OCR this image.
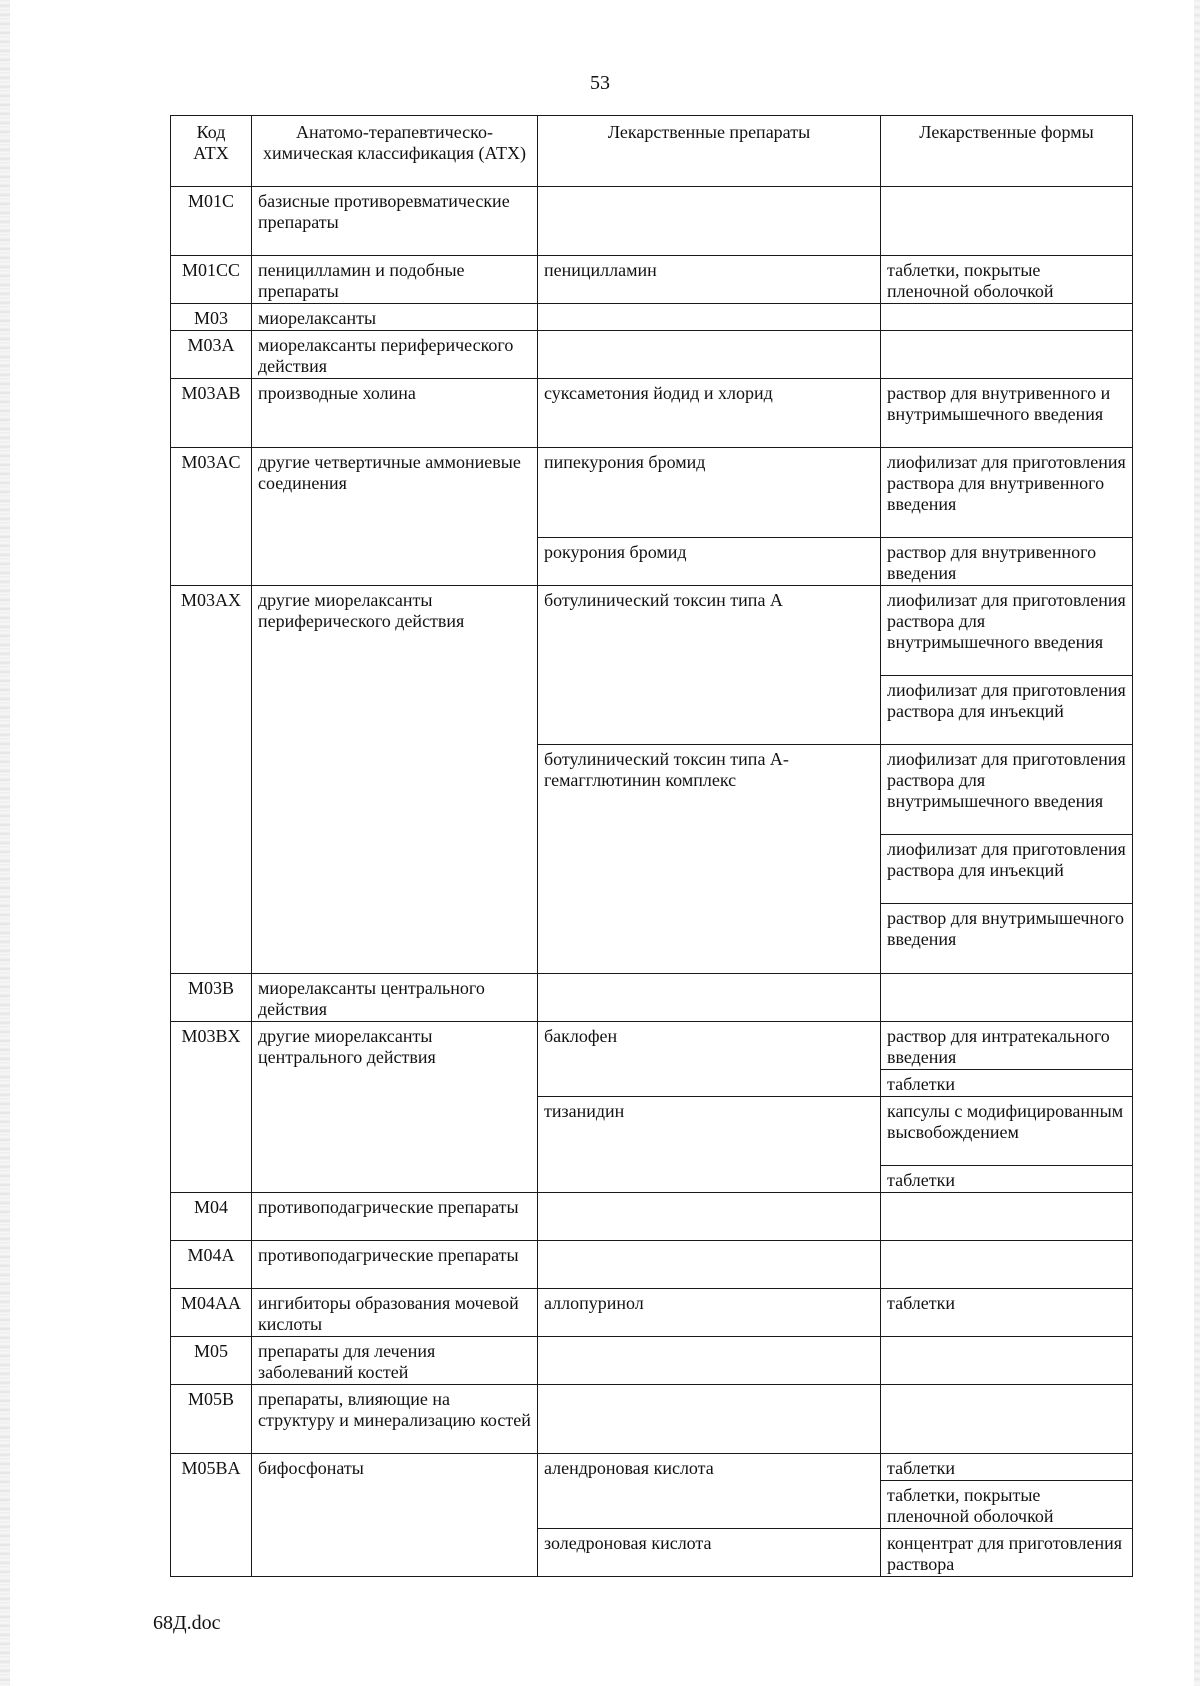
53
Код АТХ	Анатомо-терапевтическо-химическая классификация (АТХ)	Лекарственные препараты	Лекарственные формы
M01C	базисные противоревматические препараты		
M01CC	пеницилламин и подобные препараты	пеницилламин	таблетки, покрытые пленочной оболочкой
M03	миорелаксанты		
M03A	миорелаксанты периферического действия		
M03AB	производные холина	суксаметония йодид и хлорид	раствор для внутривенного и внутримышечного введения
M03AC	другие четвертичные аммониевые соединения	пипекурония бромид	лиофилизат для приготовления раствора для внутривенного введения
		рокурония бромид	раствор для внутривенного введения
M03AX	другие миорелаксанты периферического действия	ботулинический токсин типа А	лиофилизат для приготовления раствора для внутримышечного введения
			лиофилизат для приготовления раствора для инъекций
		ботулинический токсин типа А-гемагглютинин комплекс	лиофилизат для приготовления раствора для внутримышечного введения
			лиофилизат для приготовления раствора для инъекций
			раствор для внутримышечного введения
M03B	миорелаксанты центрального действия		
M03BX	другие миорелаксанты центрального действия	баклофен	раствор для интратекального введения
			таблетки
		тизанидин	капсулы с модифицированным высвобождением
			таблетки
M04	противоподагрические препараты		
M04A	противоподагрические препараты		
M04AA	ингибиторы образования мочевой кислоты	аллопуринол	таблетки
M05	препараты для лечения заболеваний костей		
M05B	препараты, влияющие на структуру и минерализацию костей		
M05BA	бифосфонаты	алендроновая кислота	таблетки
			таблетки, покрытые пленочной оболочкой
		золедроновая кислота	концентрат для приготовления раствора
68Д.doc
